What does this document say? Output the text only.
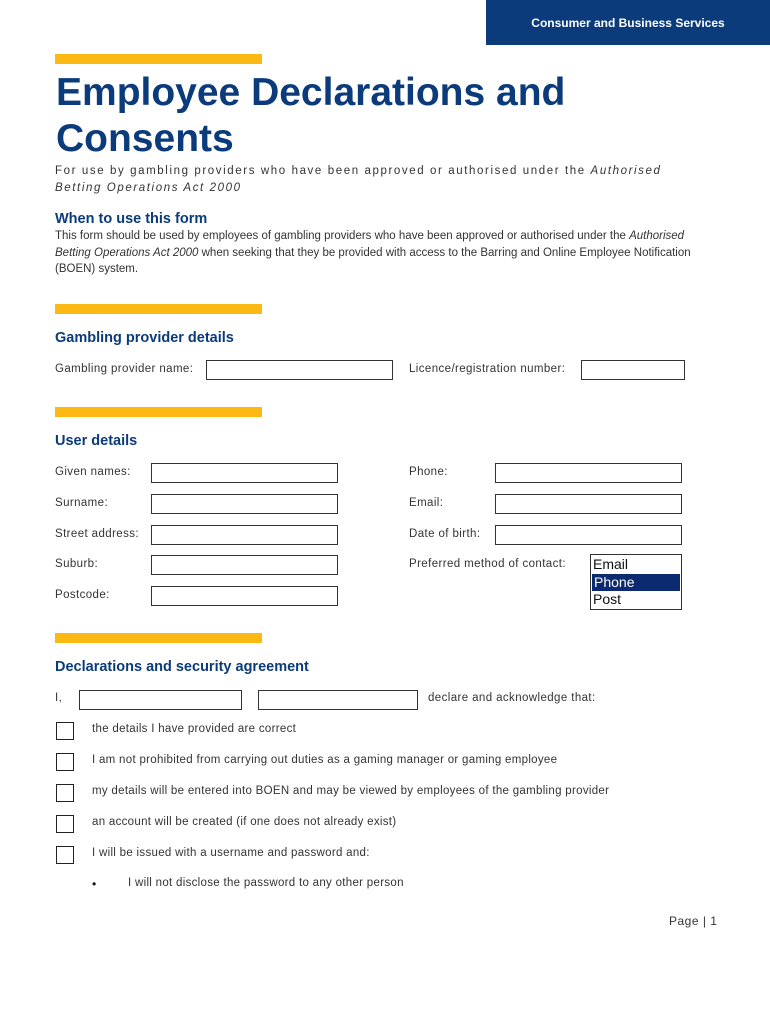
Consumer and Business Services
Employee Declarations and Consents
For use by gambling providers who have been approved or authorised under the Authorised Betting Operations Act 2000
When to use this form
This form should be used by employees of gambling providers who have been approved or authorised under the Authorised Betting Operations Act 2000 when seeking that they be provided with access to the Barring and Online Employee Notification (BOEN) system.
Gambling provider details
Gambling provider name:	Licence/registration number:
User details
Given names:
Surname:
Street address:
Suburb:
Postcode:
Phone:
Email:
Date of birth:
Preferred method of contact: Email
Phone
Post
Declarations and security agreement
I,	declare and acknowledge that:
the details I have provided are correct
I am not prohibited from carrying out duties as a gaming manager or gaming employee
my details will be entered into BOEN and may be viewed by employees of the gambling provider
an account will be created (if one does not already exist)
I will be issued with a username and password and:
•	I will not disclose the password to any other person
Page | 1
